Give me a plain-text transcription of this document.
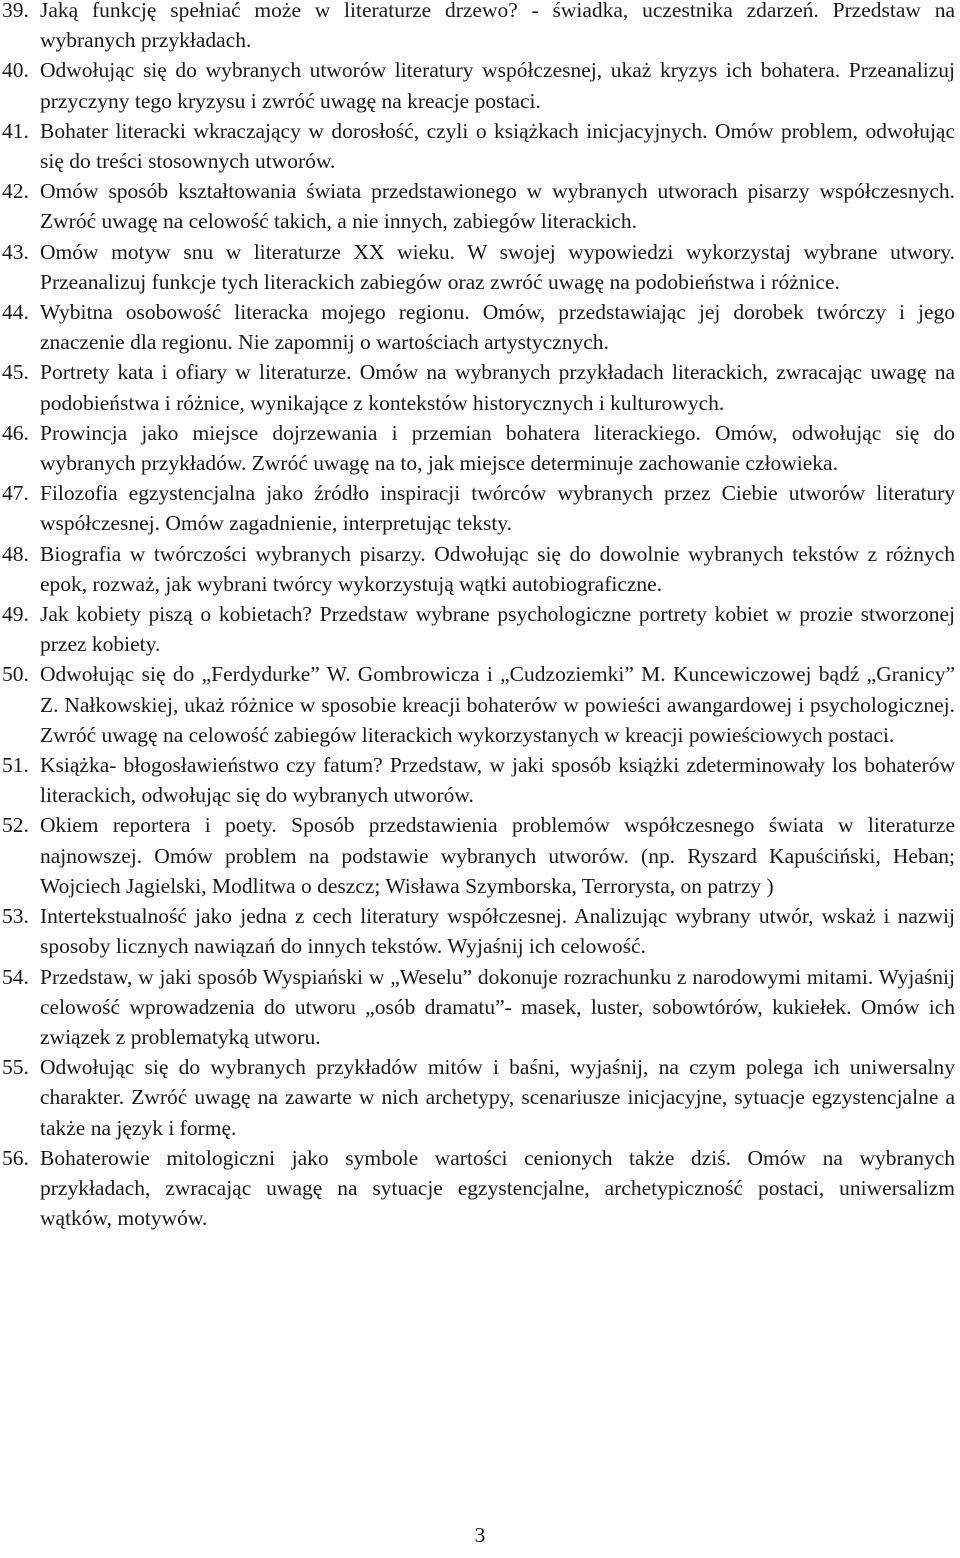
39. Jaką funkcję spełniać może w literaturze drzewo? - świadka, uczestnika zdarzeń. Przedstaw na wybranych przykładach.
40. Odwołując się do wybranych utworów literatury współczesnej, ukaż kryzys ich bohatera. Przeanalizuj przyczyny tego kryzysu i zwróć uwagę na kreacje postaci.
41. Bohater literacki wkraczający w dorosłość, czyli o książkach inicjacyjnych. Omów problem, odwołując się do treści stosownych utworów.
42. Omów sposób kształtowania świata przedstawionego w wybranych utworach pisarzy współczesnych. Zwróć uwagę na celowość takich, a nie innych, zabiegów literackich.
43. Omów motyw snu w literaturze XX wieku. W swojej wypowiedzi wykorzystaj wybrane utwory. Przeanalizuj funkcje tych literackich zabiegów oraz zwróć uwagę na podobieństwa i różnice.
44. Wybitna osobowość literacka mojego regionu. Omów, przedstawiając jej dorobek twórczy i jego znaczenie dla regionu. Nie zapomnij o wartościach artystycznych.
45. Portrety kata i ofiary w literaturze. Omów na wybranych przykładach literackich, zwracając uwagę na podobieństwa i różnice, wynikające z kontekstów historycznych i kulturowych.
46. Prowincja jako miejsce dojrzewania i przemian bohatera literackiego. Omów, odwołując się do wybranych przykładów. Zwróć uwagę na to, jak miejsce determinuje zachowanie człowieka.
47. Filozofia egzystencjalna jako źródło inspiracji twórców wybranych przez Ciebie utworów literatury współczesnej. Omów zagadnienie, interpretując teksty.
48. Biografia w twórczości wybranych pisarzy. Odwołując się do dowolnie wybranych tekstów z różnych epok, rozważ, jak wybrani twórcy wykorzystują wątki autobiograficzne.
49. Jak kobiety piszą o kobietach? Przedstaw wybrane psychologiczne portrety kobiet w prozie stworzonej przez kobiety.
50. Odwołując się do „Ferdydurke” W. Gombrowicza i „Cudzoziemki” M. Kuncewiczowej bądź „Granicy” Z. Nałkowskiej, ukaż różnice w sposobie kreacji bohaterów w powieści awangardowej i psychologicznej. Zwróć uwagę na celowość zabiegów literackich wykorzystanych w kreacji powieściowych postaci.
51. Książka- błogosławieństwo czy fatum? Przedstaw, w jaki sposób książki zdeterminowały los bohaterów literackich, odwołując się do wybranych utworów.
52. Okiem reportera i poety. Sposób przedstawienia problemów współczesnego świata w literaturze najnowszej. Omów problem na podstawie wybranych utworów. (np. Ryszard Kapuściński, Heban; Wojciech Jagielski, Modlitwa o deszcz; Wisława Szymborska, Terrorysta, on patrzy )
53. Intertekstualność jako jedna z cech literatury współczesnej. Analizując wybrany utwór, wskaż i nazwij sposoby licznych nawiązań do innych tekstów. Wyjaśnij ich celowość.
54. Przedstaw, w jaki sposób Wyspiański w „Weselu” dokonuje rozrachunku z narodowymi mitami. Wyjaśnij celowość wprowadzenia do utworu „osób dramatu”- masek, luster, sobowtórów, kukiełek. Omów ich związek z problematyką utworu.
55. Odwołując się do wybranych przykładów mitów i baśni, wyjaśnij, na czym polega ich uniwersalny charakter. Zwróć uwagę na zawarte w nich archetypy, scenariusze inicjacyjne, sytuacje egzystencjalne a także na język i formę.
56. Bohaterowie mitologiczni jako symbole wartości cenionych także dziś. Omów na wybranych przykładach, zwracając uwagę na sytuacje egzystencjalne, archetypiczność postaci, uniwersalizm wątków, motywów.
3
